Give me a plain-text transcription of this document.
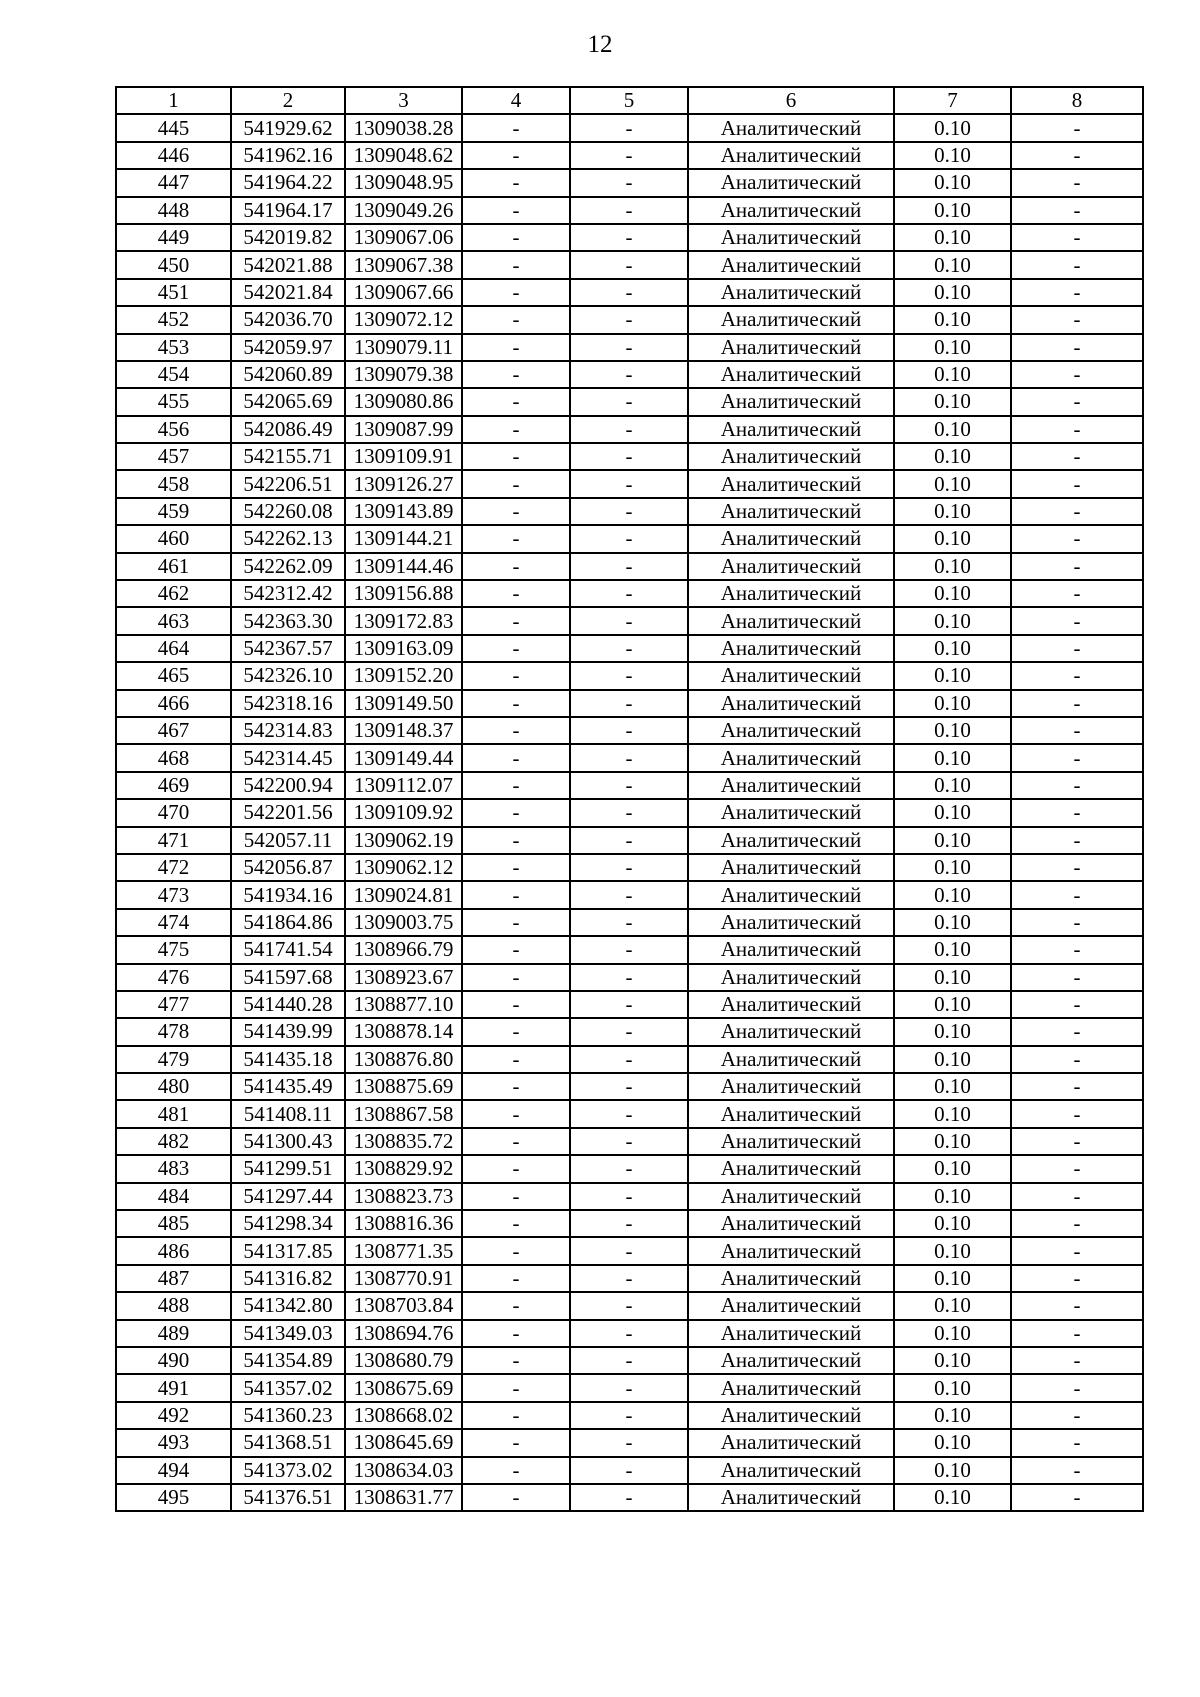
12
1	2	3	4	5	6	7	8
445	541929.62	1309038.28	-	-	Аналитический	0.10	-
446	541962.16	1309048.62	-	-	Аналитический	0.10	-
447	541964.22	1309048.95	-	-	Аналитический	0.10	-
448	541964.17	1309049.26	-	-	Аналитический	0.10	-
449	542019.82	1309067.06	-	-	Аналитический	0.10	-
450	542021.88	1309067.38	-	-	Аналитический	0.10	-
451	542021.84	1309067.66	-	-	Аналитический	0.10	-
452	542036.70	1309072.12	-	-	Аналитический	0.10	-
453	542059.97	1309079.11	-	-	Аналитический	0.10	-
454	542060.89	1309079.38	-	-	Аналитический	0.10	-
455	542065.69	1309080.86	-	-	Аналитический	0.10	-
456	542086.49	1309087.99	-	-	Аналитический	0.10	-
457	542155.71	1309109.91	-	-	Аналитический	0.10	-
458	542206.51	1309126.27	-	-	Аналитический	0.10	-
459	542260.08	1309143.89	-	-	Аналитический	0.10	-
460	542262.13	1309144.21	-	-	Аналитический	0.10	-
461	542262.09	1309144.46	-	-	Аналитический	0.10	-
462	542312.42	1309156.88	-	-	Аналитический	0.10	-
463	542363.30	1309172.83	-	-	Аналитический	0.10	-
464	542367.57	1309163.09	-	-	Аналитический	0.10	-
465	542326.10	1309152.20	-	-	Аналитический	0.10	-
466	542318.16	1309149.50	-	-	Аналитический	0.10	-
467	542314.83	1309148.37	-	-	Аналитический	0.10	-
468	542314.45	1309149.44	-	-	Аналитический	0.10	-
469	542200.94	1309112.07	-	-	Аналитический	0.10	-
470	542201.56	1309109.92	-	-	Аналитический	0.10	-
471	542057.11	1309062.19	-	-	Аналитический	0.10	-
472	542056.87	1309062.12	-	-	Аналитический	0.10	-
473	541934.16	1309024.81	-	-	Аналитический	0.10	-
474	541864.86	1309003.75	-	-	Аналитический	0.10	-
475	541741.54	1308966.79	-	-	Аналитический	0.10	-
476	541597.68	1308923.67	-	-	Аналитический	0.10	-
477	541440.28	1308877.10	-	-	Аналитический	0.10	-
478	541439.99	1308878.14	-	-	Аналитический	0.10	-
479	541435.18	1308876.80	-	-	Аналитический	0.10	-
480	541435.49	1308875.69	-	-	Аналитический	0.10	-
481	541408.11	1308867.58	-	-	Аналитический	0.10	-
482	541300.43	1308835.72	-	-	Аналитический	0.10	-
483	541299.51	1308829.92	-	-	Аналитический	0.10	-
484	541297.44	1308823.73	-	-	Аналитический	0.10	-
485	541298.34	1308816.36	-	-	Аналитический	0.10	-
486	541317.85	1308771.35	-	-	Аналитический	0.10	-
487	541316.82	1308770.91	-	-	Аналитический	0.10	-
488	541342.80	1308703.84	-	-	Аналитический	0.10	-
489	541349.03	1308694.76	-	-	Аналитический	0.10	-
490	541354.89	1308680.79	-	-	Аналитический	0.10	-
491	541357.02	1308675.69	-	-	Аналитический	0.10	-
492	541360.23	1308668.02	-	-	Аналитический	0.10	-
493	541368.51	1308645.69	-	-	Аналитический	0.10	-
494	541373.02	1308634.03	-	-	Аналитический	0.10	-
495	541376.51	1308631.77	-	-	Аналитический	0.10	-
